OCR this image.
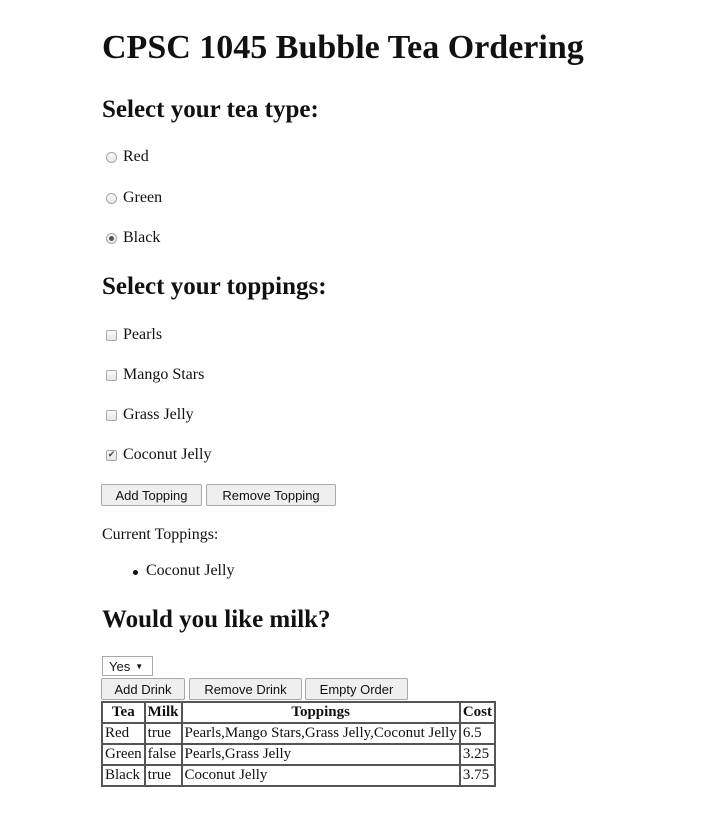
CPSC 1045 Bubble Tea Ordering
Select your tea type:
Red
Green
Black
Select your toppings:
Pearls
Mango Stars
Grass Jelly
✔ Coconut Jelly
Add Topping	Remove Topping
Current Toppings:
Coconut Jelly
Would you like milk?
Yes ▼
Add Drink	Remove Drink	Empty Order
Tea	Milk	Toppings	Cost
Red	true	Pearls,Mango Stars,Grass Jelly,Coconut Jelly	6.5
Green	false	Pearls,Grass Jelly	3.25
Black	true	Coconut Jelly	3.75
